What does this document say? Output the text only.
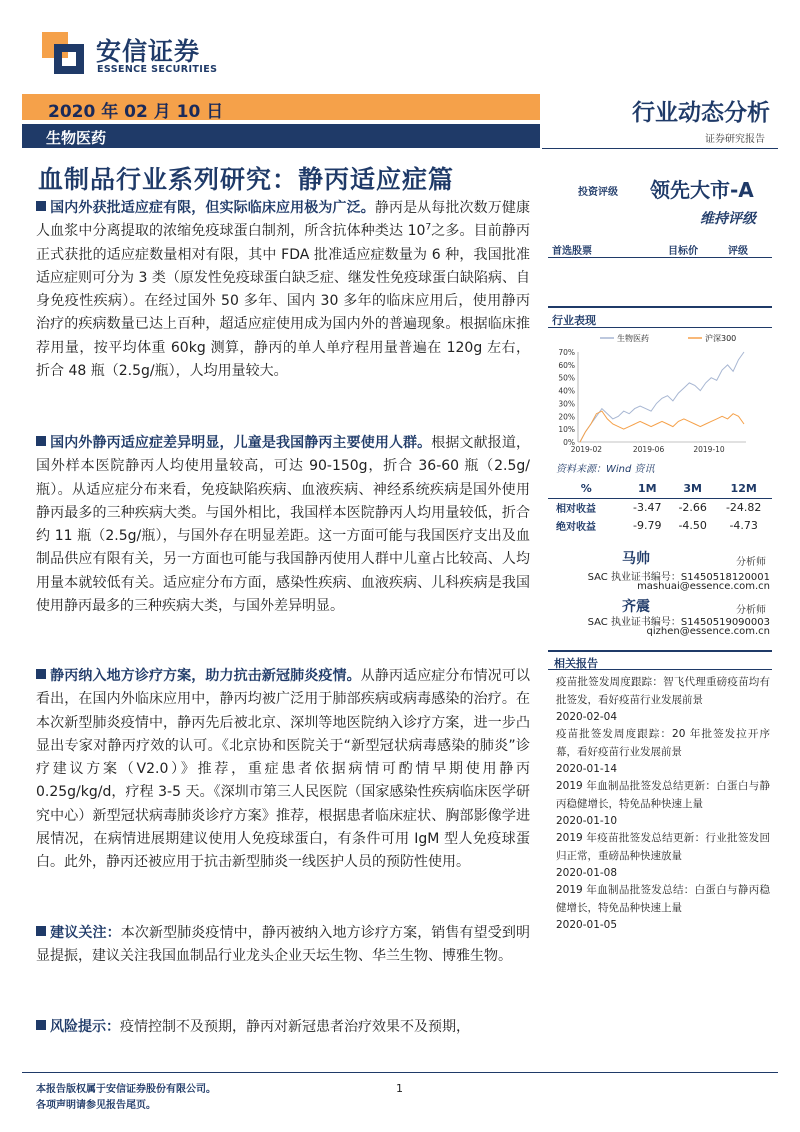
安信证券
ESSENCE SECURITIES
2020 年 02 月 10 日
生物医药
行业动态分析
证券研究报告
血制品行业系列研究：静丙适应症篇
国内外获批适应症有限，但实际临床应用极为广泛。静丙是从每批次数万健康人血浆中分离提取的浓缩免疫球蛋白制剂，所含抗体种类达 $10^7$之多。目前静丙正式获批的适应症数量相对有限，其中 FDA 批准适应症数量为 6 种，我国批准适应症则可分为 3 类（原发性免疫球蛋白缺乏症、继发性免疫球蛋白缺陷病、自身免疫性疾病）。在经过国外 50 多年、国内 30 多年的临床应用后，使用静丙治疗的疾病数量已达上百种，超适应症使用成为国内外的普遍现象。根据临床推荐用量，按平均体重 60kg 测算，静丙的单人单疗程用量普遍在 120g 左右，折合 48 瓶（2.5g/瓶），人均用量较大。
国内外静丙适应症差异明显，儿童是我国静丙主要使用人群。根据文献报道，国外样本医院静丙人均使用量较高，可达 90-150g，折合 36-60 瓶（2.5g/瓶）。从适应症分布来看，免疫缺陷疾病、血液疾病、神经系统疾病是国外使用静丙最多的三种疾病大类。与国外相比，我国样本医院静丙人均用量较低，折合约 11 瓶（2.5g/瓶），与国外存在明显差距。这一方面可能与我国医疗支出及血制品供应有限有关，另一方面也可能与我国静丙使用人群中儿童占比较高、人均用量本就较低有关。适应症分布方面，感染性疾病、血液疾病、儿科疾病是我国使用静丙最多的三种疾病大类，与国外差异明显。
静丙纳入地方诊疗方案，助力抗击新冠肺炎疫情。从静丙适应症分布情况可以看出，在国内外临床应用中，静丙均被广泛用于肺部疾病或病毒感染的治疗。在本次新型肺炎疫情中，静丙先后被北京、深圳等地医院纳入诊疗方案，进一步凸显出专家对静丙疗效的认可。《北京协和医院关于“新型冠状病毒感染的肺炎”诊疗建议方案（V2.0）》推荐，重症患者依据病情可酌情早期使用静丙 0.25g/kg/d，疗程 3-5 天。《深圳市第三人民医院（国家感染性疾病临床医学研究中心）新型冠状病毒肺炎诊疗方案》推荐，根据患者临床症状、胸部影像学进展情况，在病情进展期建议使用人免疫球蛋白，有条件可用 IgM 型人免疫球蛋白。此外，静丙还被应用于抗击新型肺炎一线医护人员的预防性使用。
建议关注：本次新型肺炎疫情中，静丙被纳入地方诊疗方案，销售有望受到明显提振，建议关注我国血制品行业龙头企业天坛生物、华兰生物、博雅生物。
风险提示：疫情控制不及预期，静丙对新冠患者治疗效果不及预期，
投资评级 领先大市-A
维持评级
首选股票	目标价	评级
行业表现
0%
10%
20%
30%
40%
50%
60%
70%
2019-02	2019-06	2019-10
生物医药	沪深300
资料来源：Wind 资讯
%	1M	3M	12M
相对收益	-3.47	-2.66	-24.82
绝对收益	-9.79	-4.50	-4.73
马帅	分析师
SAC 执业证书编号：S1450518120001
mashuai@essence.com.cn
齐震	分析师
SAC 执业证书编号：S1450519090003
qizhen@essence.com.cn
相关报告
疫苗批签发周度跟踪：智飞代理重磅疫苗均有批签发，看好疫苗行业发展前景
2020-02-04
疫苗批签发周度跟踪：20 年批签发拉开序幕，看好疫苗行业发展前景
2020-01-14
2019 年血制品批签发总结更新：白蛋白与静丙稳健增长，特免品种快速上量
2020-01-10
2019 年疫苗批签发总结更新：行业批签发回归正常，重磅品种快速放量
2020-01-08
2019 年血制品批签发总结：白蛋白与静丙稳健增长，特免品种快速上量
2020-01-05
本报告版权属于安信证券股份有限公司。
各项声明请参见报告尾页。
1
